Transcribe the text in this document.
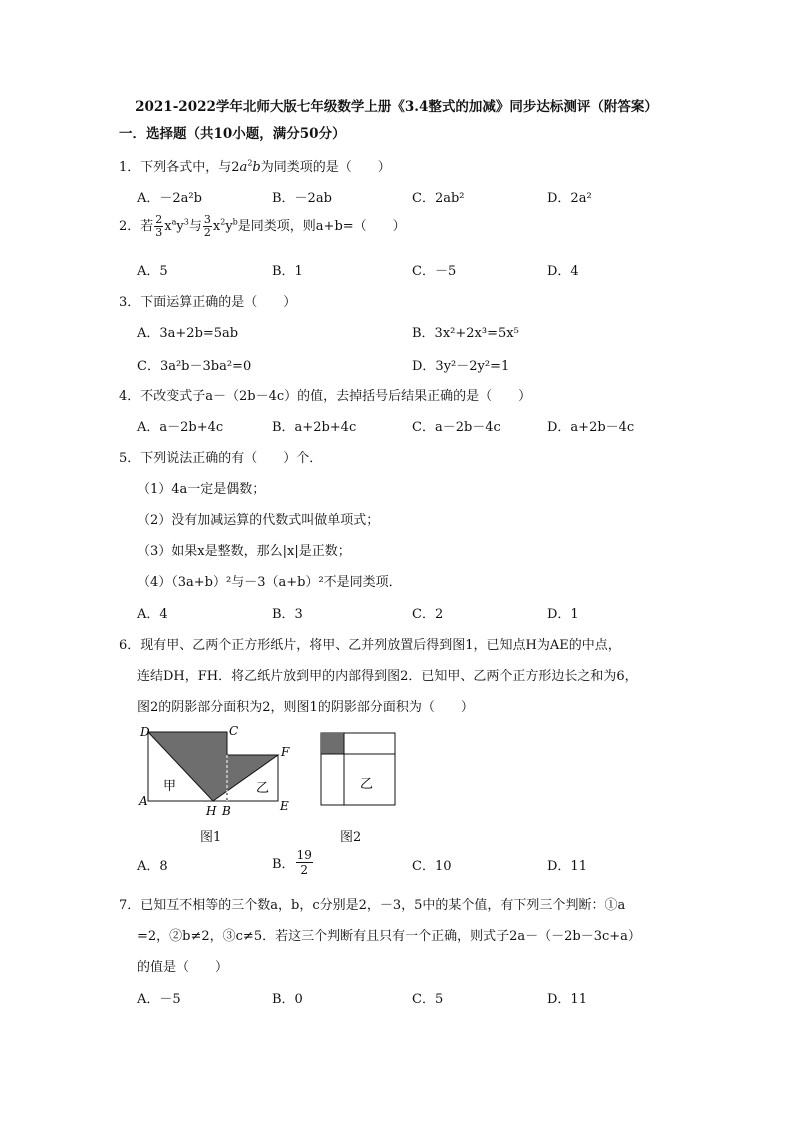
2021-2022学年北师大版七年级数学上册《3.4整式的加减》同步达标测评（附答案）
一．选择题（共10小题，满分50分）
1．下列各式中，与$2a^2b$为同类项的是（　　）
A．－2a²b	B．－2ab	C．2ab²	D．2a²
2．若 $\frac{2}{3} x^ay^3$与 $\frac{3}{2} x^2y^b$是同类项，则a+b=（　　）
A．5	B．1	C．－5	D．4
3．下面运算正确的是（　　）
A．3a+2b=5ab	B．3x²+2x³=5x⁵
C．3a²b－3ba²=0	D．3y²－2y²=1
4．不改变式子a－（2b－4c）的值，去掉括号后结果正确的是（　　）
A．a－2b+4c	B．a+2b+4c	C．a－2b－4c	D．a+2b－4c
5．下列说法正确的有（　　）个．
（1）4a一定是偶数；
（2）没有加减运算的代数式叫做单项式；
（3）如果x是整数，那么|x|是正数；
（4）（3a+b）²与－3（a+b）²不是同类项．
A．4	B．3	C．2	D．1
6．现有甲、乙两个正方形纸片，将甲、乙并列放置后得到图1，已知点H为AE的中点，
连结DH，FH．将乙纸片放到甲的内部得到图2．已知甲、乙两个正方形边长之和为6，
图2的阴影部分面积为2，则图1的阴影部分面积为（　　）
D	C
F
A
H B	E
甲	乙
图1
乙
图2
A．8	B． $\frac{19}{2}$	C．10	D．11
7．已知互不相等的三个数a，b，c分别是2，－3，5中的某个值，有下列三个判断：①a
=2，②b≠2，③c≠5．若这三个判断有且只有一个正确，则式子2a－（－2b－3c+a）
的值是（　　）
A．－5	B．0	C．5	D．11
